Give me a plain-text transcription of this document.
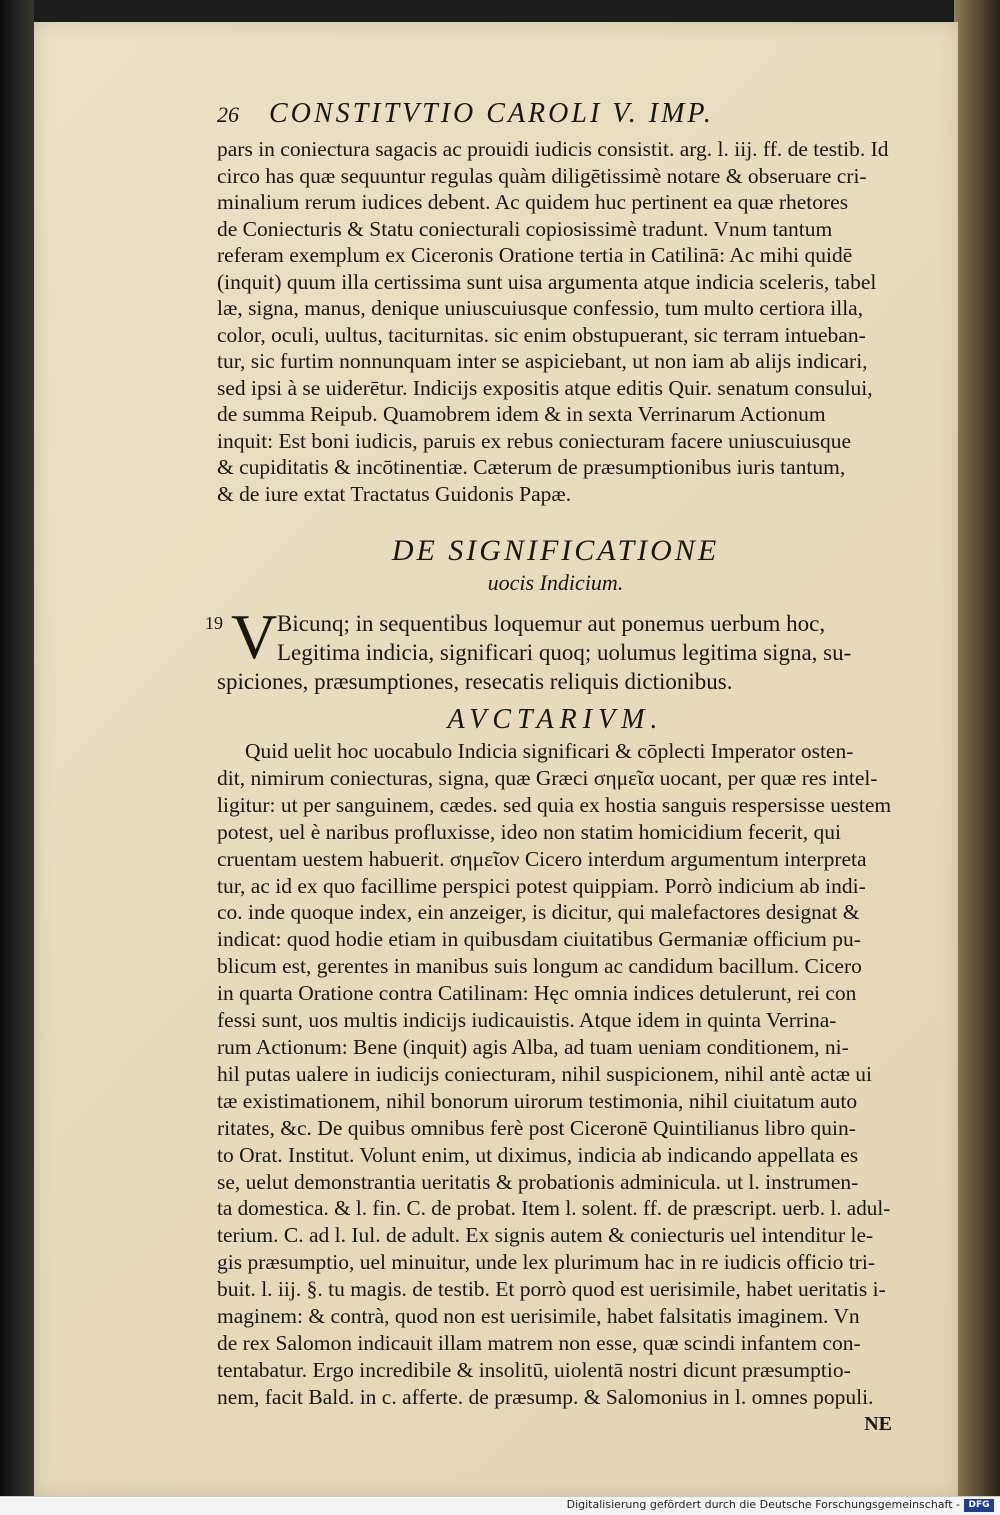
26 CONSTITVTIO CAROLI V. IMP.

pars in coniectura sagacis ac prouidi iudicis consistit. arg. l. iij. ff. de testib. Id

circo has quæ sequuntur regulas quàm diligētissimè notare & obseruare cri-

minalium rerum iudices debent. Ac quidem huc pertinent ea quæ rhetores

de Coniecturis & Statu coniecturali copiosissimè tradunt. Vnum tantum

referam exemplum ex Ciceronis Oratione tertia in Catilinā: Ac mihi quidē

(inquit) quum illa certissima sunt uisa argumenta atque indicia sceleris, tabel

læ, signa, manus, denique uniuscuiusque confessio, tum multo certiora illa,

color, oculi, uultus, taciturnitas. sic enim obstupuerant, sic terram intueban-

tur, sic furtim nonnunquam inter se aspiciebant, ut non iam ab alijs indicari,

sed ipsi à se uiderētur. Indicijs expositis atque editis Quir. senatum consului,

de summa Reipub. Quamobrem idem & in sexta Verrinarum Actionum

inquit: Est boni iudicis, paruis ex rebus coniecturam facere uniuscuiusque

& cupiditatis & incōtinentiæ. Cæterum de præsumptionibus iuris tantum,

& de iure extat Tractatus Guidonis Papæ.

DE SIGNIFICATIONE
uocis Indicium.
19 V Bicunq; in sequentibus loquemur aut ponemus uerbum hoc,

Legitima indicia, significari quoq; uolumus legitima signa, su-

spiciones, præsumptiones, resecatis reliquis dictionibus.

AVCTARIVM.

Quid uelit hoc uocabulo Indicia significari & cōplecti Imperator osten-

dit, nimirum coniecturas, signa, quæ Græci σημεῖα uocant, per quæ res intel-

ligitur: ut per sanguinem, cædes. sed quia ex hostia sanguis respersisse uestem

potest, uel è naribus profluxisse, ideo non statim homicidium fecerit, qui

cruentam uestem habuerit. σημεῖον Cicero interdum argumentum interpreta

tur, ac id ex quo facillime perspici potest quippiam. Porrò indicium ab indi-

co. inde quoque index, ein anzeiger, is dicitur, qui malefactores designat &

indicat: quod hodie etiam in quibusdam ciuitatibus Germaniæ officium pu-

blicum est, gerentes in manibus suis longum ac candidum bacillum. Cicero

in quarta Oratione contra Catilinam: Hęc omnia indices detulerunt, rei con

fessi sunt, uos multis indicijs iudicauistis. Atque idem in quinta Verrina-

rum Actionum: Bene (inquit) agis Alba, ad tuam ueniam conditionem, ni-

hil putas ualere in iudicijs coniecturam, nihil suspicionem, nihil antè actæ ui

tæ existimationem, nihil bonorum uirorum testimonia, nihil ciuitatum auto

ritates, &c. De quibus omnibus ferè post Ciceronē Quintilianus libro quin-

to Orat. Institut. Volunt enim, ut diximus, indicia ab indicando appellata es

se, uelut demonstrantia ueritatis & probationis adminicula. ut l. instrumen-

ta domestica. & l. fin. C. de probat. Item l. solent. ff. de præscript. uerb. l. adul-

terium. C. ad l. Iul. de adult. Ex signis autem & coniecturis uel intenditur le-

gis præsumptio, uel minuitur, unde lex plurimum hac in re iudicis officio tri-

buit. l. iij. §. tu magis. de testib. Et porrò quod est uerisimile, habet ueritatis i-

maginem: & contrà, quod non est uerisimile, habet falsitatis imaginem. Vn

de rex Salomon indicauit illam matrem non esse, quæ scindi infantem con-

tentabatur. Ergo incredibile & insolitū, uiolentā nostri dicunt præsumptio-

nem, facit Bald. in c. afferte. de præsump. & Salomonius in l. omnes populi.

NE
Digitalisierung gefördert durch die Deutsche Forschungsgemeinschaft - DFG
